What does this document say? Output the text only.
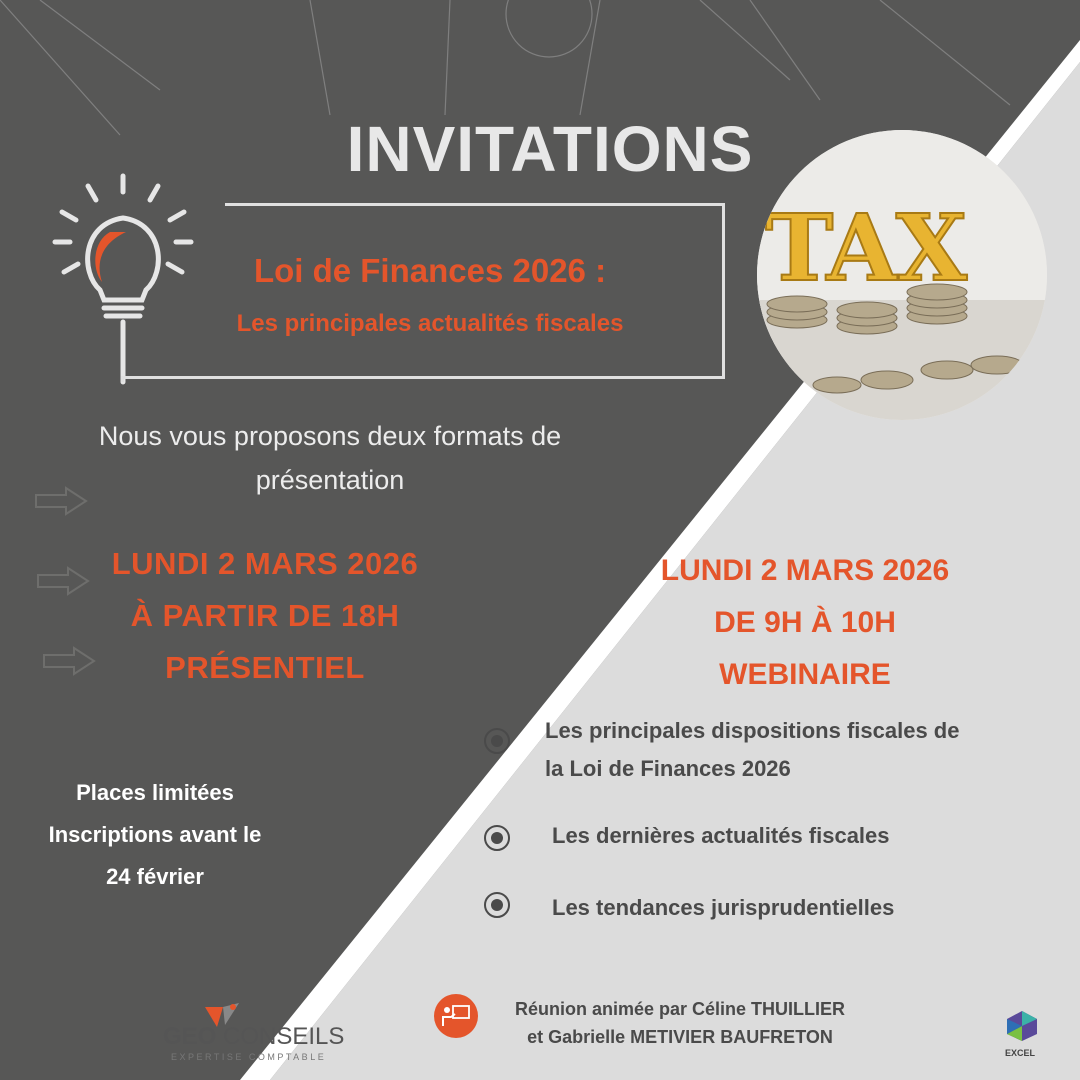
INVITATIONS
Loi de Finances 2026 :
Les principales actualités fiscales
TAX
Nous vous proposons deux formats de présentation
LUNDI 2 MARS 2026
À PARTIR DE 18H
PRÉSENTIEL
LUNDI 2 MARS 2026
DE 9H À 10H
WEBINAIRE
Places limitées
Inscriptions avant le
24 février
Les principales dispositions fiscales de
la Loi de Finances 2026
Les dernières actualités fiscales
Les tendances jurisprudentielles
Réunion animée par Céline THUILLIER
et Gabrielle METIVIER BAUFRETON
GEO CONSEILS
EXPERTISE COMPTABLE	EXCEL
